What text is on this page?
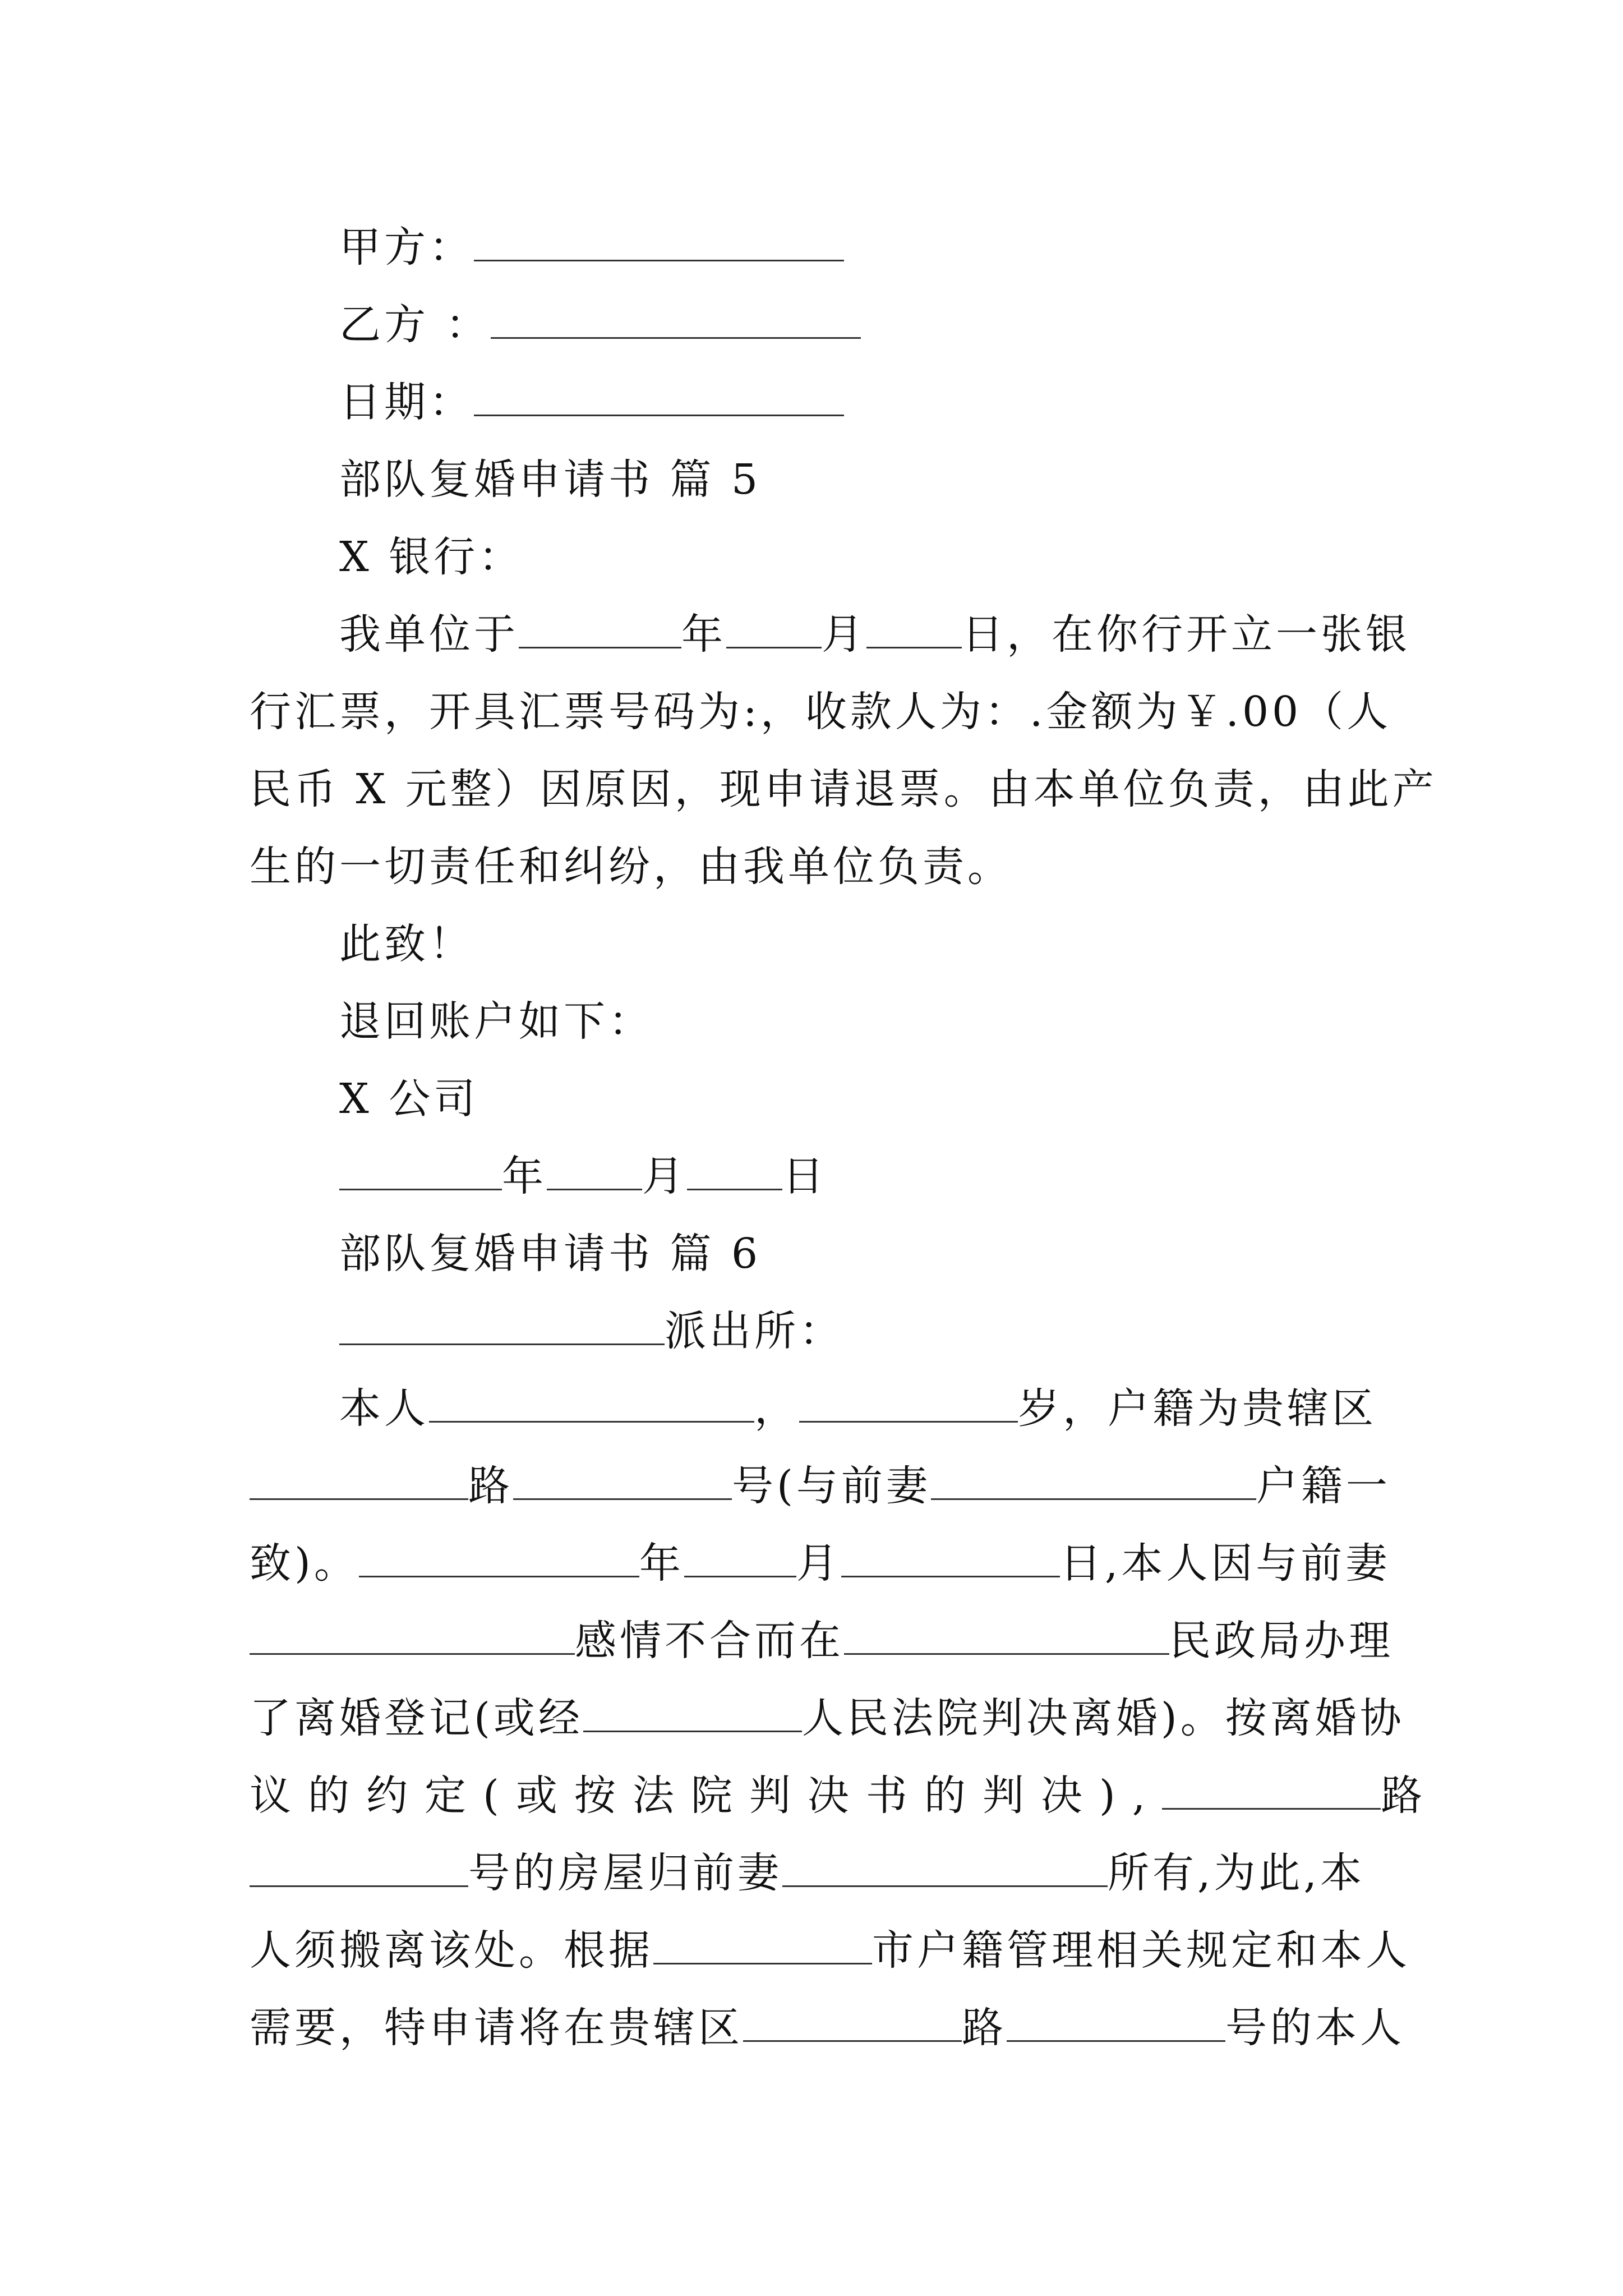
甲方：
乙方 ：
日期：
部队复婚申请书 篇 5
X 银行：
我单位于	年 月 日，在你行开立一张银
行汇票，开具汇票号码为:，收款人为：.金额为￥.00（人
民币 X 元整）因原因，现申请退票。由本单位负责，由此产
生的一切责任和纠纷，由我单位负责。
此致！
退回账户如下：
X 公司
年 月 日
部队复婚申请书 篇 6
派出所：
本人	，	岁，户籍为贵辖区
路	号(与前妻	户籍一
致)。	年	月	日,本人因与前妻
感情不合而在	民政局办理
了离婚登记(或经	人民法院判决离婚)。按离婚协
议的约定(或按法院判决书的判决),	路
号的房屋归前妻	所有,为此,本
人须搬离该处。根据	市户籍管理相关规定和本人
需要，特申请将在贵辖区	路	号的本人
